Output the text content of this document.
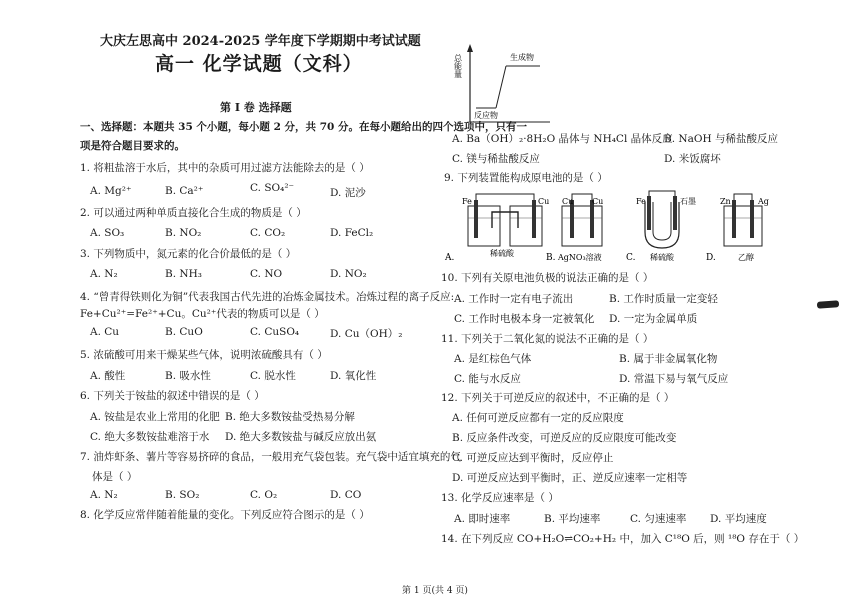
大庆左思高中 2024-2025 学年度下学期期中考试试题
高一 化学试题（文科）
第 I 卷 选择题
一、选择题：本题共 35 个小题，每小题 2 分，共 70 分。在每小题给出的四个选项中，只有一
项是符合题目要求的。
1. 将粗盐溶于水后，其中的杂质可用过滤方法能除去的是（ ）
A. Mg²⁺	B. Ca²⁺	C. SO₄²⁻	D. 泥沙
2. 可以通过两种单质直接化合生成的物质是（ ）
A. SO₃	B. NO₂	C. CO₂	D. FeCl₂
3. 下列物质中，氮元素的化合价最低的是（ ）
A. N₂	B. NH₃	C. NO	D. NO₂
4. “曾青得铁则化为铜”代表我国古代先进的冶炼金属技术。冶炼过程的离子反应:
Fe+Cu²⁺=Fe²⁺+Cu。Cu²⁺代表的物质可以是（ ）
A. Cu	B. CuO	C. CuSO₄	D. Cu（OH）₂
5. 浓硫酸可用来干燥某些气体，说明浓硫酸具有（ ）
A. 酸性	B. 吸水性	C. 脱水性	D. 氧化性
6. 下列关于铵盐的叙述中错误的是（ ）
A. 铵盐是农业上常用的化肥 B. 绝大多数铵盐受热易分解
C. 绝大多数铵盐难溶于水 D. 绝大多数铵盐与碱反应放出氨
7. 油炸虾条、薯片等容易挤碎的食品，一般用充气袋包装。充气袋中适宜填充的气
体是（ ）
A. N₂	B. SO₂	C. O₂	D. CO
8. 化学反应常伴随着能量的变化。下列反应符合图示的是（ ）
总能量	生成物
反应物
A. Ba（OH）₂·8H₂O 晶体与 NH₄Cl 晶体反应
B. NaOH 与稀盐酸反应
C. 镁与稀盐酸反应	D. 米饭腐坏
9. 下列装置能构成原电池的是（ ）
Fe	Cu
A.	稀硫酸
Cu Cu
B. AgNO₃溶液
Fe	石墨
C. 稀硫酸
Zn	Ag
D.	乙醇
10. 下列有关原电池负极的说法正确的是（ ）
A. 工作时一定有电子流出	B. 工作时质量一定变轻
C. 工作时电极本身一定被氧化 D. 一定为金属单质
11. 下列关于二氧化氮的说法不正确的是（ ）
A. 是红棕色气体	B. 属于非金属氧化物
C. 能与水反应	D. 常温下易与氧气反应
12. 下列关于可逆反应的叙述中，不正确的是（ ）
A. 任何可逆反应都有一定的反应限度
B. 反应条件改变，可逆反应的反应限度可能改变
C. 可逆反应达到平衡时，反应停止
D. 可逆反应达到平衡时，正、逆反应速率一定相等
13. 化学反应速率是（ ）
A. 即时速率	B. 平均速率	C. 匀速速率 D. 平均速度
14. 在下列反应 CO+H₂O⇌CO₂+H₂ 中，加入 C¹⁸O 后，则 ¹⁸O 存在于（ ）
第 1 页(共 4 页)
